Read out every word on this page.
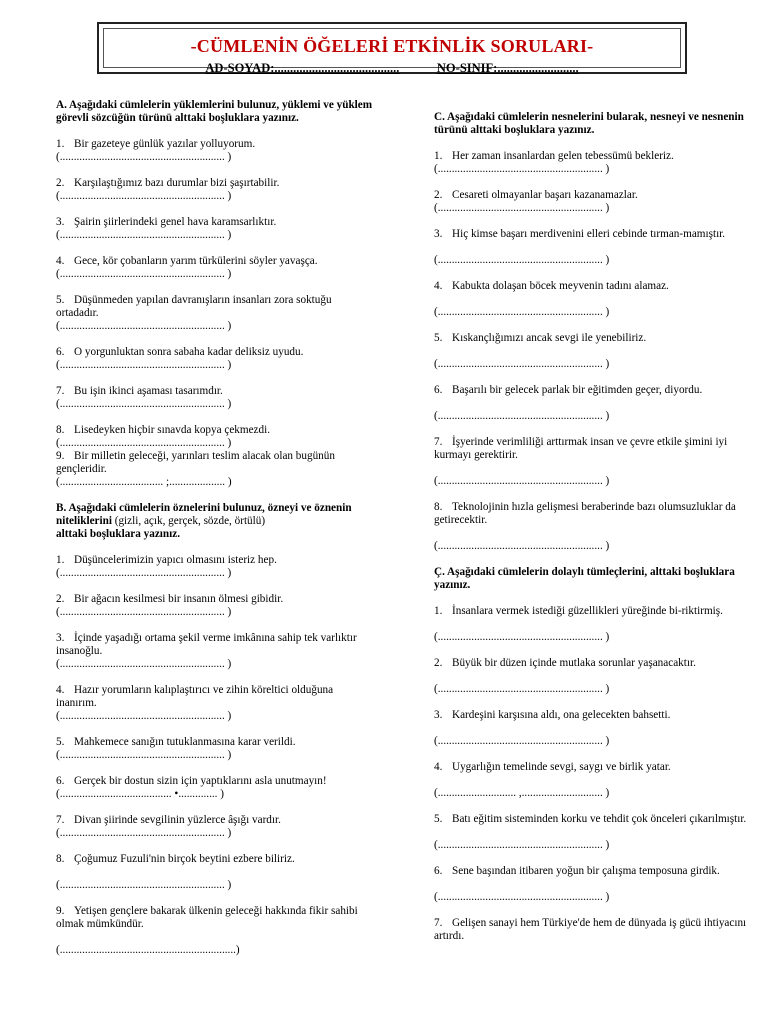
-CÜMLENİN ÖĞELERİ ETKİNLİK SORULARI-
AD-SOYAD:........................................	NO-SINIF:..........................

A. Aşağıdaki cümlelerin yüklemlerini bulunuz, yüklemi ve yüklem görevli sözcüğün türünü alttaki boşluklara yazınız.

1. Bir gazeteye günlük yazılar yolluyorum.

(........................................................... )

2. Karşılaştığımız bazı durumlar bizi şaşırtabilir.

(........................................................... )

3. Şairin şiirlerindeki genel hava karamsarlıktır.

(........................................................... )

4. Gece, kör çobanların yarım türkülerini söyler yavaşça.

(........................................................... )

5. Düşünmeden yapılan davranışların insanları zora soktuğu ortadadır.

(........................................................... )

6. O yorgunluktan sonra sabaha kadar deliksiz uyudu.

(........................................................... )

7. Bu işin ikinci aşaması tasarımdır.

(........................................................... )

8. Lisedeyken hiçbir sınavda kopya çekmezdi.

(........................................................... )

9. Bir milletin geleceği, yarınları teslim alacak olan bugünün gençleridir.

(..................................... ;.................... )

B. Aşağıdaki cümlelerin öznelerini bulunuz, özneyi ve öznenin niteliklerini (gizli, açık, gerçek, sözde, örtülü)
alttaki boşluklara yazınız.

1. Düşüncelerimizin yapıcı olmasını isteriz hep.

(........................................................... )

2. Bir ağacın kesilmesi bir insanın ölmesi gibidir.

(........................................................... )

3. İçinde yaşadığı ortama şekil verme imkânına sahip tek varlıktır insanoğlu.

(........................................................... )

4. Hazır yorumların kalıplaştırıcı ve zihin köreltici olduğuna inanırım.

(........................................................... )

5. Mahkemece sanığın tutuklanmasına karar verildi.

(........................................................... )

6. Gerçek bir dostun sizin için yaptıklarını asla unutmayın!

(........................................ •.............. )

7. Divan şiirinde sevgilinin yüzlerce âşığı vardır.

(........................................................... )

8. Çoğumuz Fuzuli'nin birçok beytini ezbere biliriz.

(........................................................... )

9. Yetişen gençlere bakarak ülkenin geleceği hakkında fikir sahibi olmak mümkündür.

(...............................................................)

C. Aşağıdaki cümlelerin nesnelerini bularak, nesneyi ve nesnenin türünü alttaki boşluklara yazınız.

1. Her zaman insanlardan gelen tebessümü bekleriz.

(........................................................... )

2. Cesareti olmayanlar başarı kazanamazlar.

(........................................................... )

3. Hiç kimse başarı merdivenini elleri cebinde tırman-mamıştır.

(........................................................... )

4. Kabukta dolaşan böcek meyvenin tadını alamaz.

(........................................................... )

5. Kıskançlığımızı ancak sevgi ile yenebiliriz.

(........................................................... )

6. Başarılı bir gelecek parlak bir eğitimden geçer, diyordu.

(........................................................... )

7. İşyerinde verimliliği arttırmak insan ve çevre etkile şimini iyi kurmayı gerektirir.

(........................................................... )

8. Teknolojinin hızla gelişmesi beraberinde bazı olumsuzluklar da getirecektir.

(........................................................... )

Ç. Aşağıdaki cümlelerin dolaylı tümleçlerini, alttaki boşluklara yazınız.

1. İnsanlara vermek istediği güzellikleri yüreğinde bi-riktirmiş.

(........................................................... )

2. Büyük bir düzen içinde mutlaka sorunlar yaşanacaktır.

(........................................................... )

3. Kardeşini karşısına aldı, ona gelecekten bahsetti.

(........................................................... )

4. Uygarlığın temelinde sevgi, saygı ve birlik yatar.

(............................ ,............................. )

5. Batı eğitim sisteminden korku ve tehdit çok önceleri çıkarılmıştır.

(........................................................... )

6. Sene başından itibaren yoğun bir çalışma temposuna girdik.

(........................................................... )

7. Gelişen sanayi hem Türkiye'de hem de dünyada iş gücü ihtiyacını artırdı.
